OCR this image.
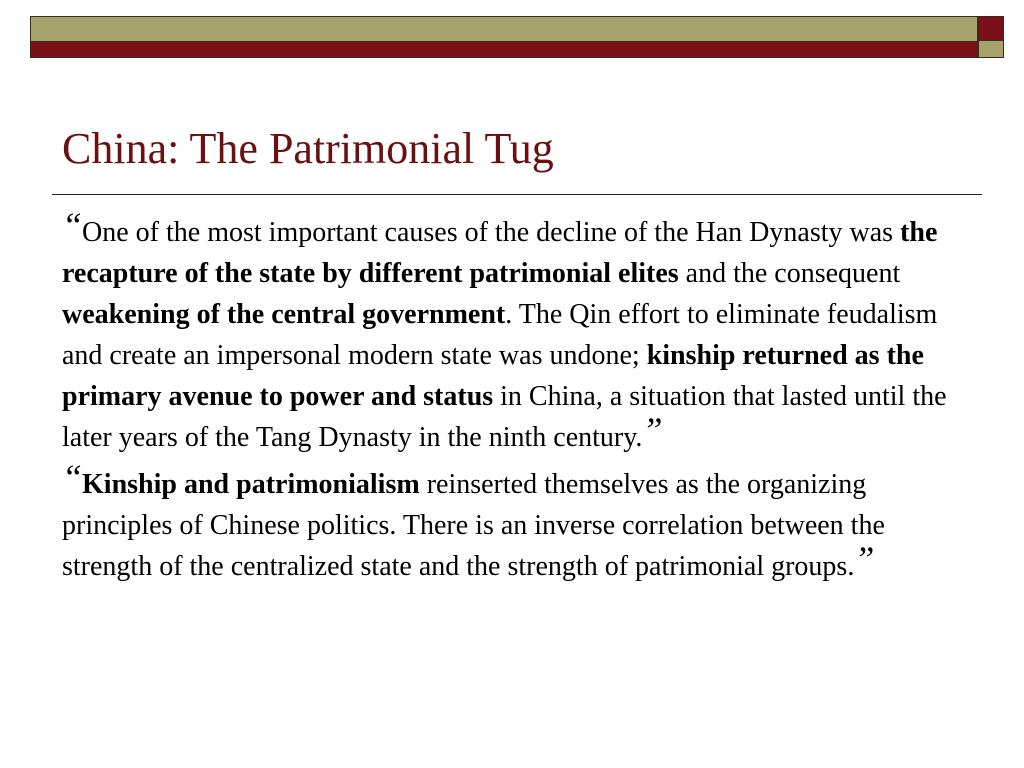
China: The Patrimonial Tug

“One of the most important causes of the decline of the Han Dynasty was the recapture of the state by different patrimonial elites and the consequent weakening of the central government. The Qin effort to eliminate feudalism and create an impersonal modern state was undone; kinship returned as the primary avenue to power and status in China, a situation that lasted until the later years of the Tang Dynasty in the ninth century.”

“Kinship and patrimonialism reinserted themselves as the organizing principles of Chinese politics. There is an inverse correlation between the strength of the centralized state and the strength of patrimonial groups.”
